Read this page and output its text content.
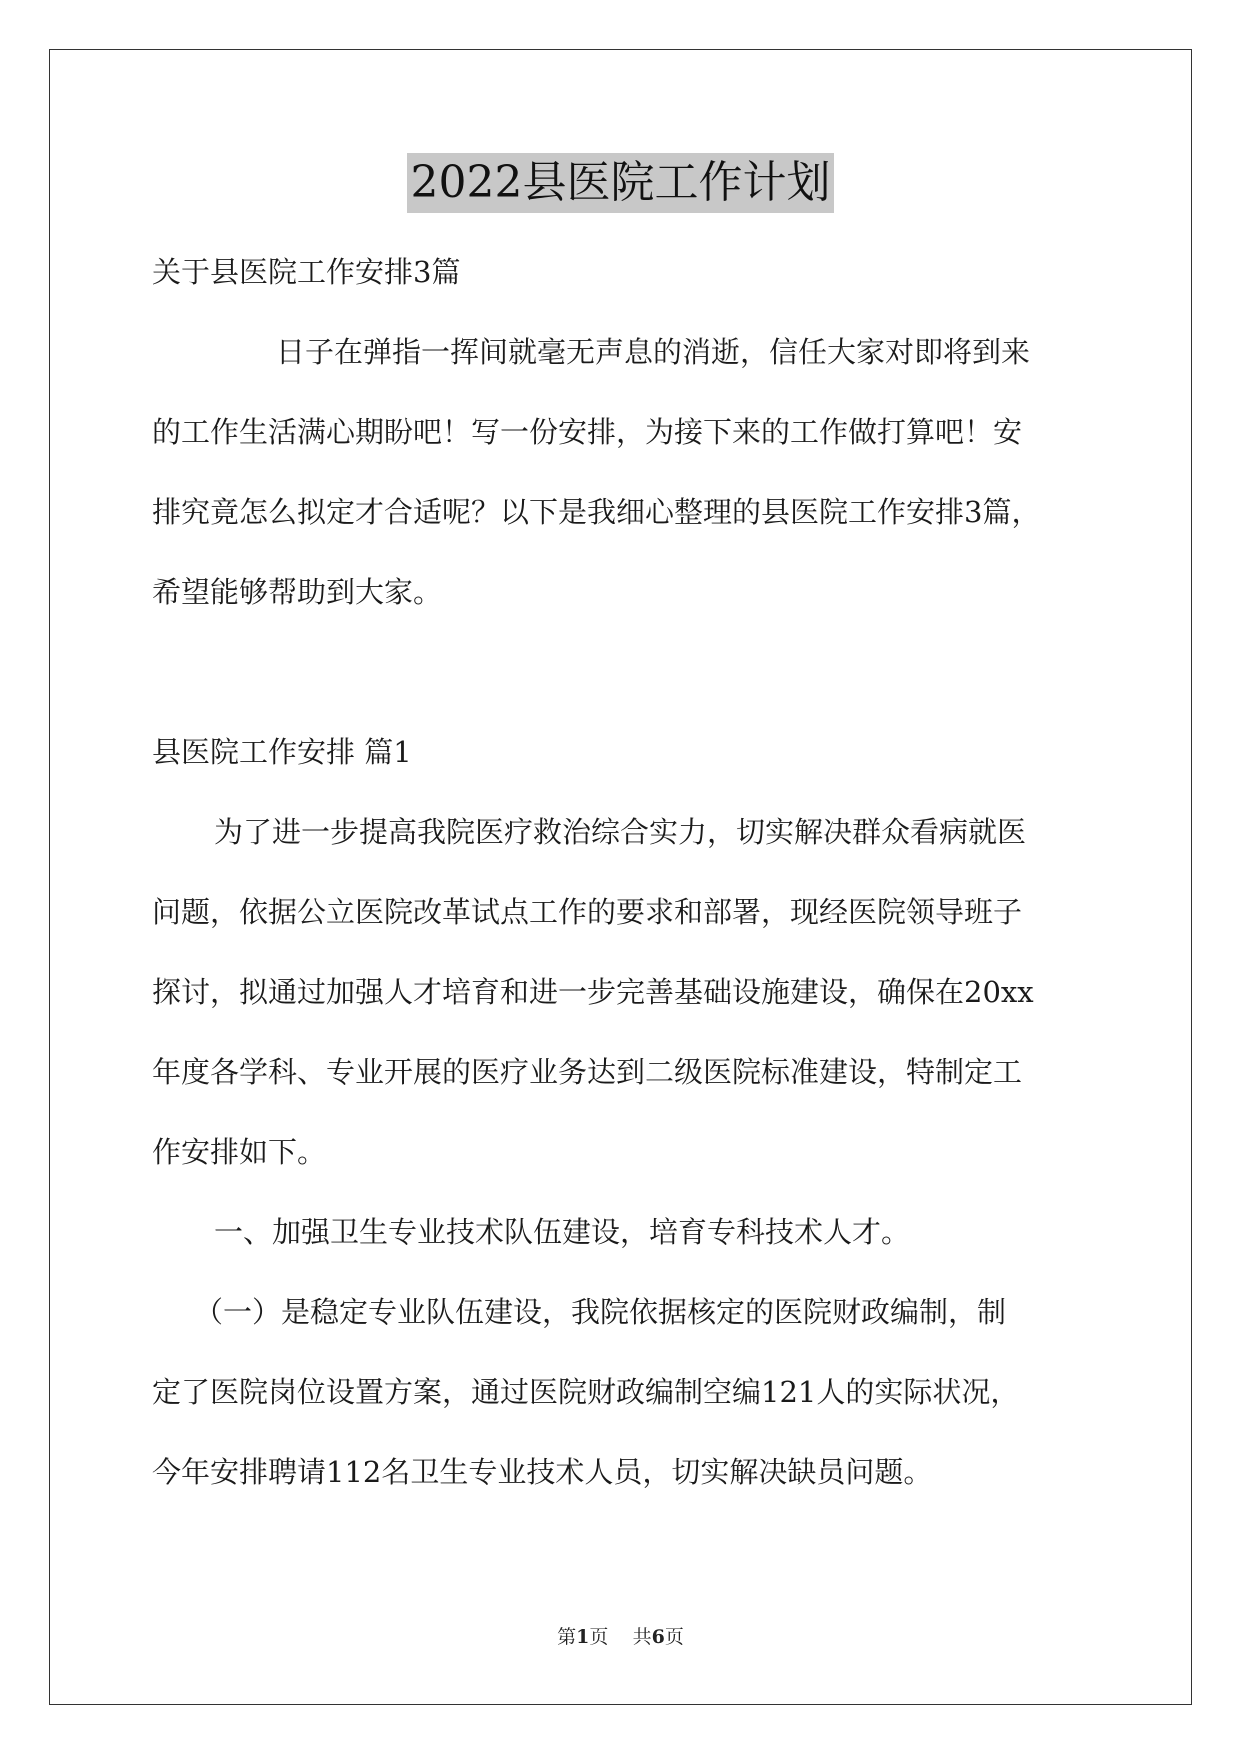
2022县医院工作计划
关于县医院工作安排3篇
日子在弹指一挥间就毫无声息的消逝，信任大家对即将到来
的工作生活满心期盼吧！写一份安排，为接下来的工作做打算吧！安
排究竟怎么拟定才合适呢？以下是我细心整理的县医院工作安排3篇，
希望能够帮助到大家。

县医院工作安排 篇1
为了进一步提高我院医疗救治综合实力，切实解决群众看病就医
问题，依据公立医院改革试点工作的要求和部署，现经医院领导班子
探讨，拟通过加强人才培育和进一步完善基础设施建设，确保在20xx
年度各学科、专业开展的医疗业务达到二级医院标准建设，特制定工
作安排如下。
一、加强卫生专业技术队伍建设，培育专科技术人才。
（一）是稳定专业队伍建设，我院依据核定的医院财政编制，制
定了医院岗位设置方案，通过医院财政编制空编121人的实际状况，
今年安排聘请112名卫生专业技术人员，切实解决缺员问题。
第1页 共6页
